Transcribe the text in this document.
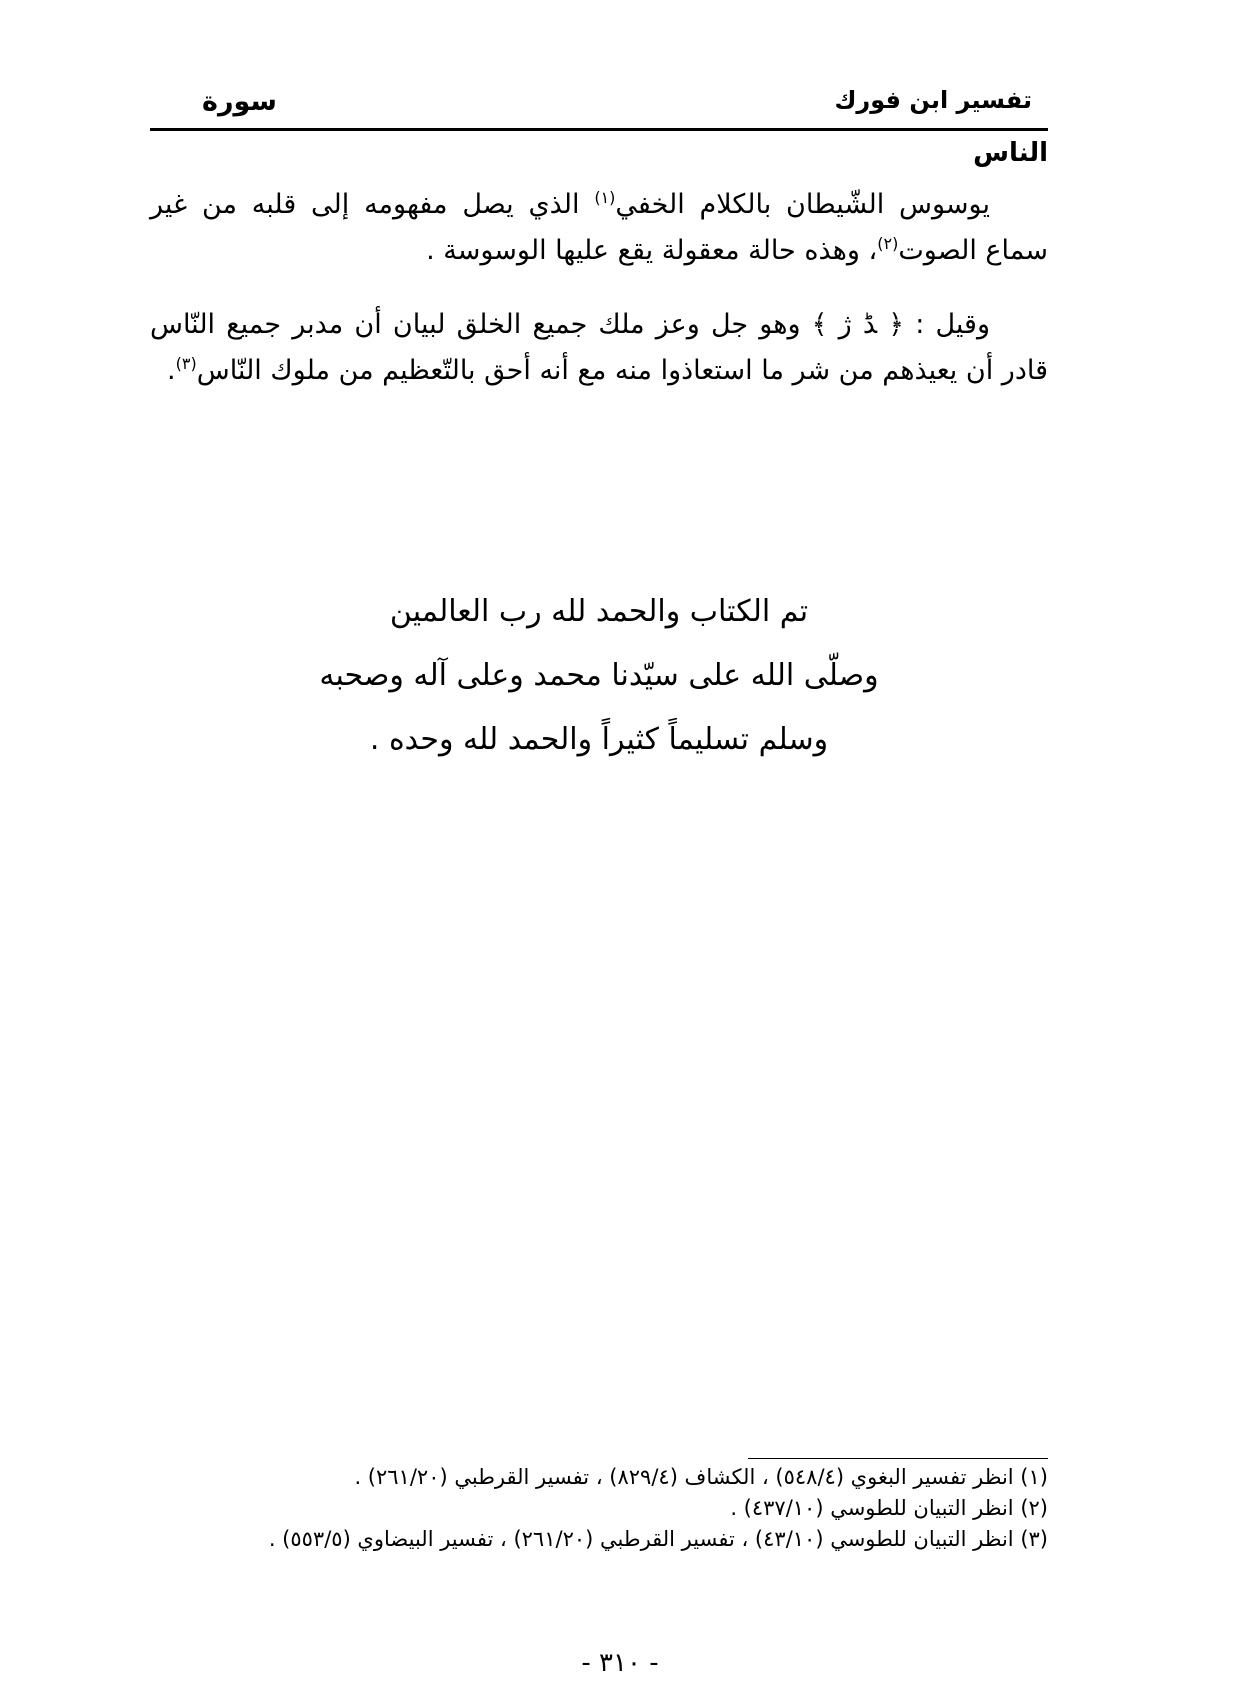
تفسير ابن فورك
سورة
الناس
يوسوس الشّيطان بالكلام الخفي$^{(١)}$ الذي يصل مفهومه إلى قلبه من غير سماع الصوت$^{(٢)}$، وهذه حالة معقولة يقع عليها الوسوسة .
وقيل : ﴿ ﮉ ﮊ ﴾ وهو جل وعز ملك جميع الخلق لبيان أن مدبر جميع النّاس قادر أن يعيذهم من شر ما استعاذوا منه مع أنه أحق بالتّعظيم من ملوك النّاس$^{(٣)}$.
تم الكتاب والحمد لله رب العالمين
وصلّى الله على سيّدنا محمد وعلى آله وصحبه
وسلم تسليماً كثيراً والحمد لله وحده .
(١) انظر تفسير البغوي (٥٤٨/٤) ، الكشاف (٨٢٩/٤) ، تفسير القرطبي (٢٦١/٢٠) .
(٢) انظر التبيان للطوسي (٤٣٧/١٠) .
(٣) انظر التبيان للطوسي (٤٣/١٠) ، تفسير القرطبي (٢٦١/٢٠) ، تفسير البيضاوي (٥٥٣/٥) .
- ٣١٠ -
